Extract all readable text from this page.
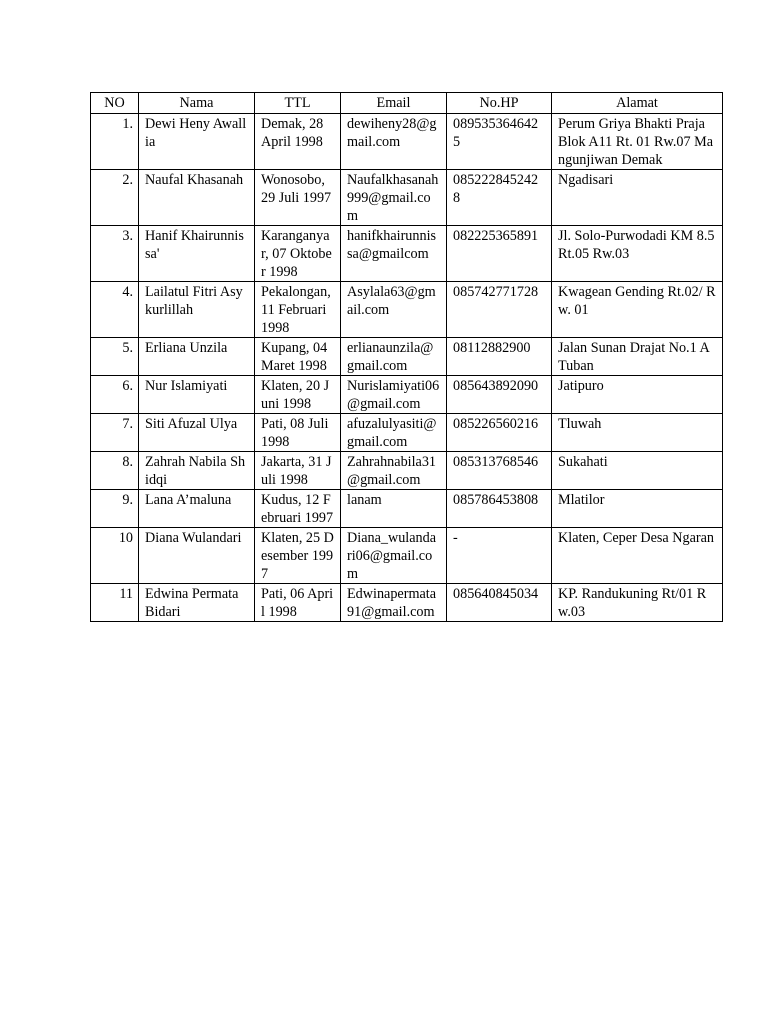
NO	Nama	TTL	Email	No.HP	Alamat
1.	Dewi Heny Awallia	Demak, 28 April 1998	dewiheny28@gmail.com	0895353646425	Perum Griya Bhakti Praja Blok A11 Rt. 01 Rw.07 Mangunjiwan Demak
2.	Naufal Khasanah	Wonosobo, 29 Juli 1997	Naufalkhasanah999@gmail.com	0852228452428	Ngadisari
3.	Hanif Khairunnissa'	Karanganyar, 07 Oktober 1998	hanifkhairunnissa@gmailcom	082225365891	Jl. Solo-Purwodadi KM 8.5 Rt.05 Rw.03
4.	Lailatul Fitri Asykurlillah	Pekalongan, 11 Februari 1998	Asylala63@gmail.com	085742771728	Kwagean Gending Rt.02/ Rw. 01
5.	Erliana Unzila	Kupang, 04 Maret 1998	erlianaunzila@gmail.com	08112882900	Jalan Sunan Drajat No.1 A Tuban
6.	Nur Islamiyati	Klaten, 20 Juni 1998	Nurislamiyati06@gmail.com	085643892090	Jatipuro
7.	Siti Afuzal Ulya	Pati, 08 Juli 1998	afuzalulyasiti@gmail.com	085226560216	Tluwah
8.	Zahrah Nabila Shidqi	Jakarta, 31 Juli 1998	Zahrahnabila31@gmail.com	085313768546	Sukahati
9.	Lana A’maluna	Kudus, 12 Februari 1997	lanam	085786453808	Mlatilor
10	Diana Wulandari	Klaten, 25 Desember 1997	Diana_wulandari06@gmail.com	-	Klaten, Ceper Desa Ngaran
11	Edwina Permata Bidari	Pati, 06 April 1998	Edwinapermata91@gmail.com	085640845034	KP. Randukuning Rt/01 Rw.03
